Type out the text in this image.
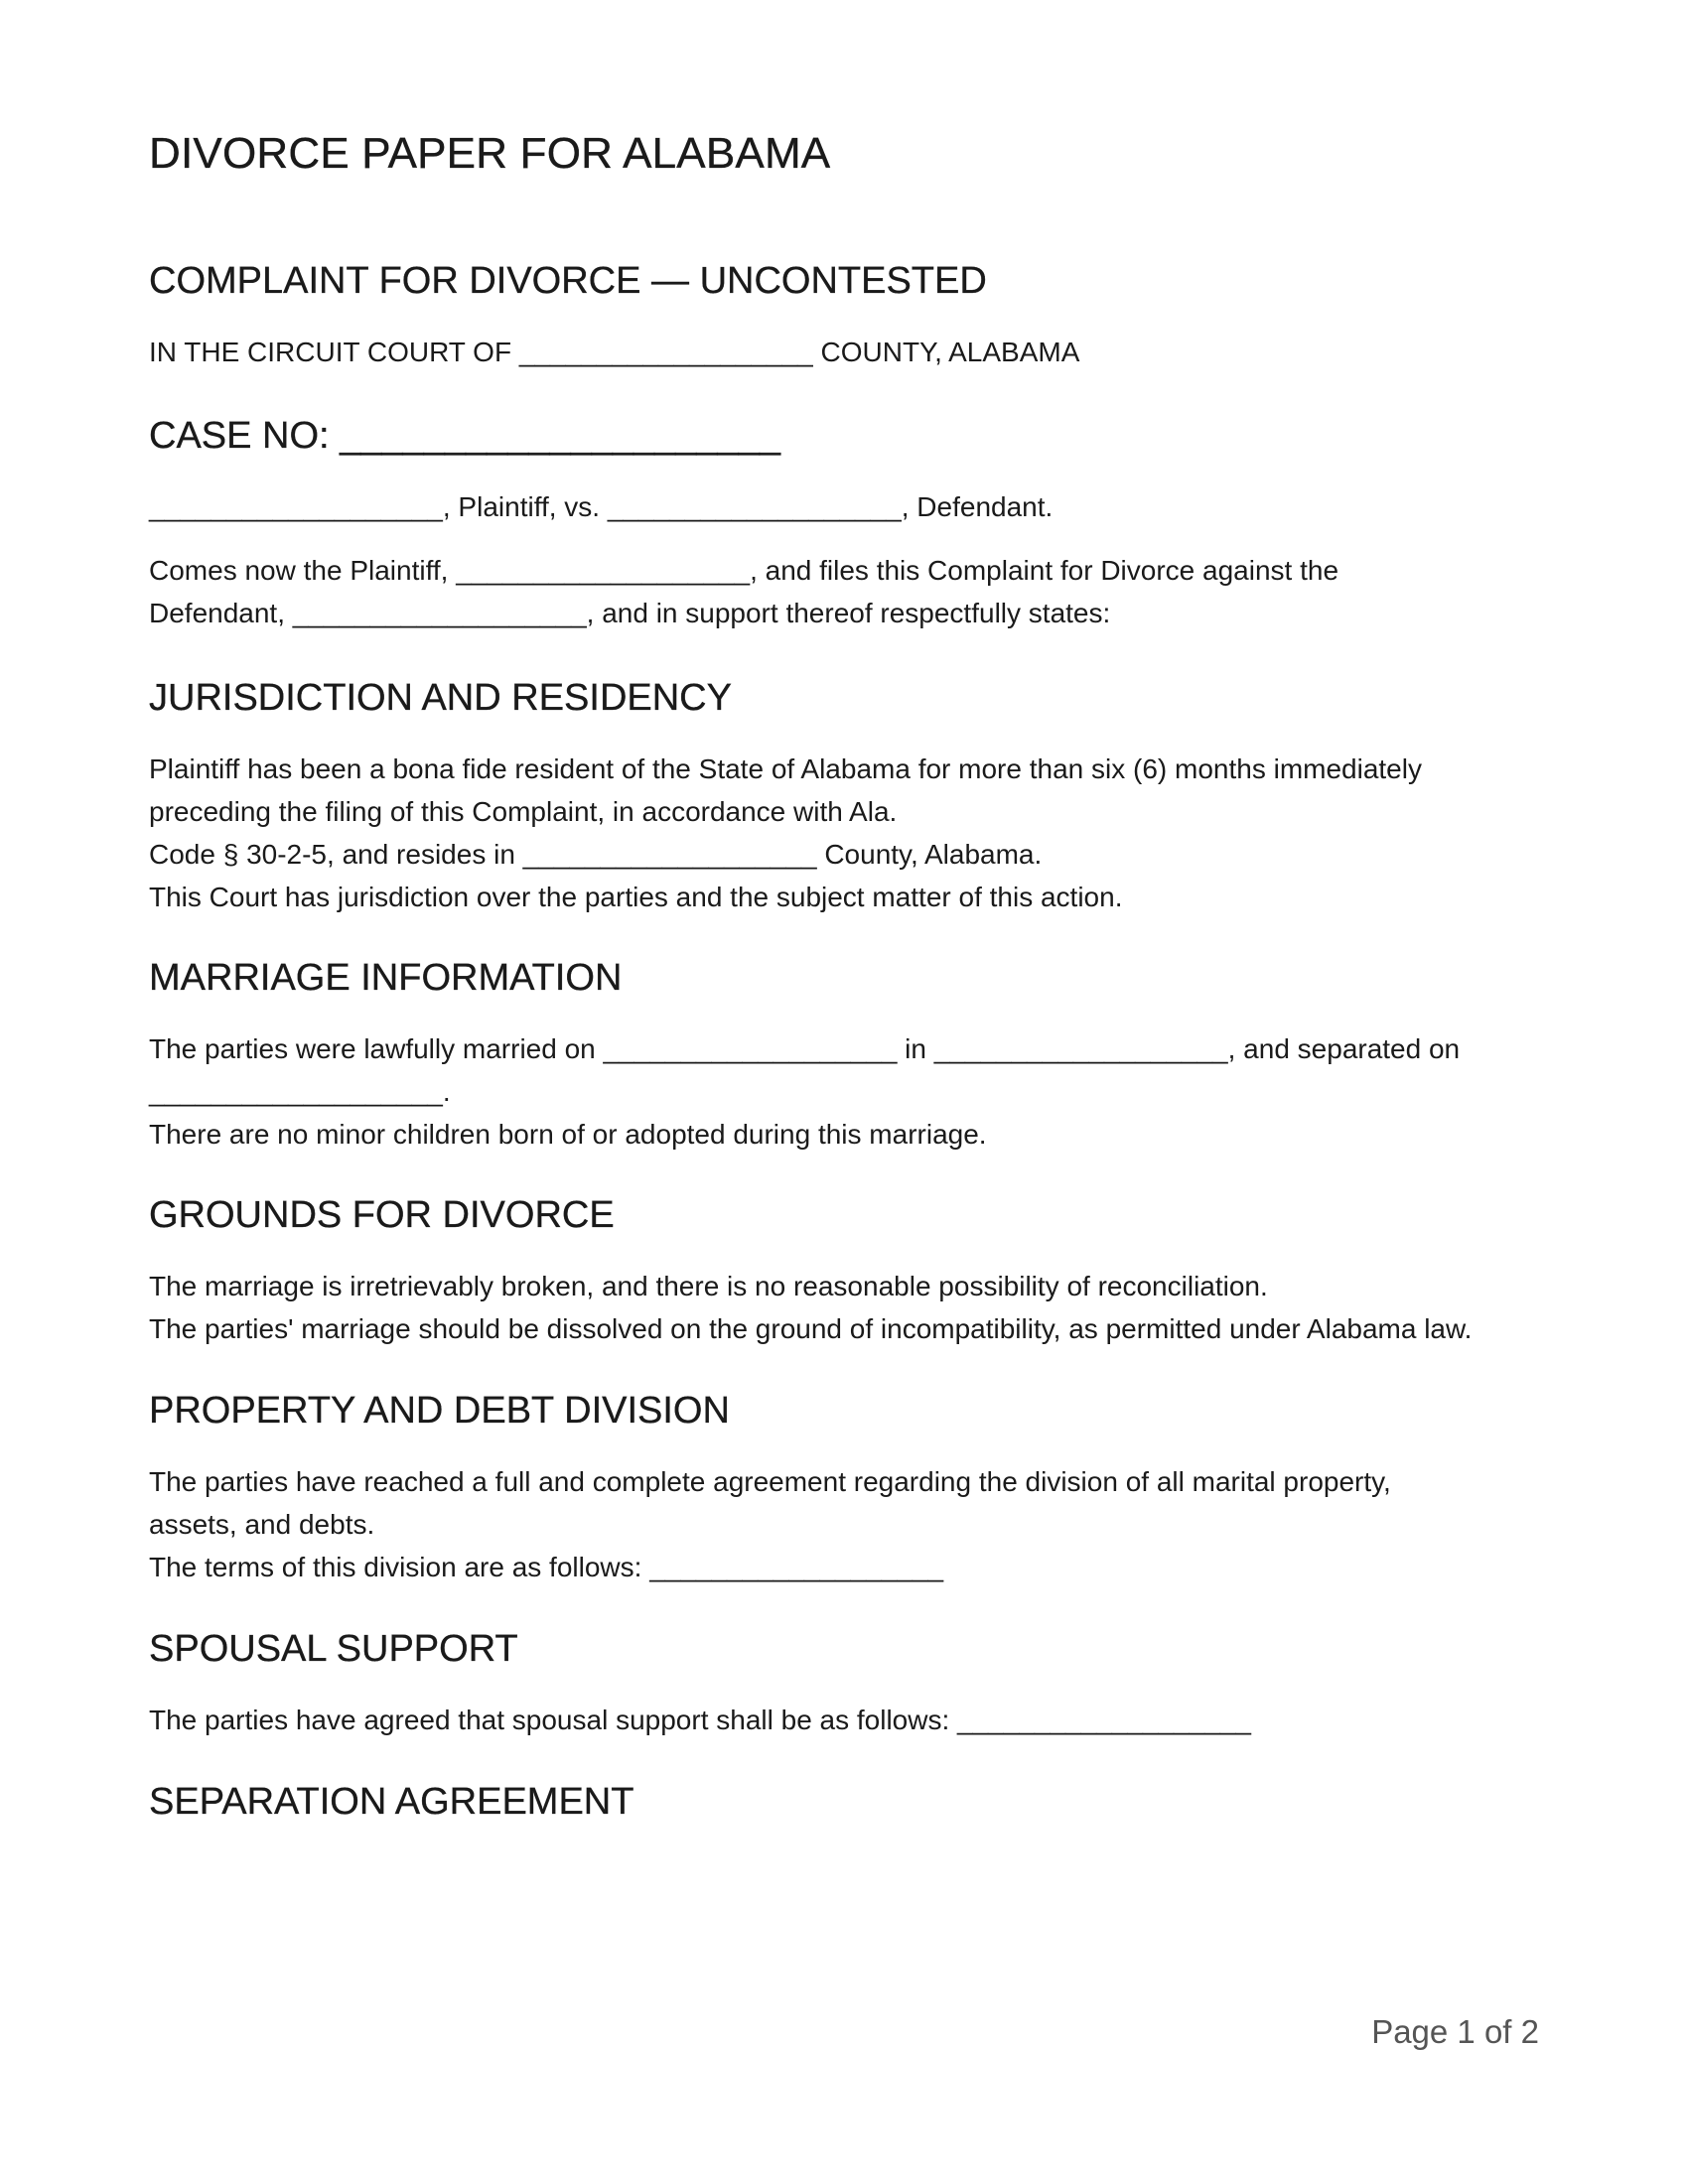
DIVORCE PAPER FOR ALABAMA
COMPLAINT FOR DIVORCE — UNCONTESTED

IN THE CIRCUIT COURT OF ___________________ COUNTY, ALABAMA

CASE NO: _____________________

___________________, Plaintiff, vs. ___________________, Defendant.

Comes now the Plaintiff, ___________________, and files this Complaint for Divorce against the

Defendant, ___________________, and in support thereof respectfully states:

JURISDICTION AND RESIDENCY

Plaintiff has been a bona fide resident of the State of Alabama for more than six (6) months immediately

preceding the filing of this Complaint, in accordance with Ala.

Code § 30-2-5, and resides in ___________________ County, Alabama.

This Court has jurisdiction over the parties and the subject matter of this action.

MARRIAGE INFORMATION

The parties were lawfully married on ___________________ in ___________________, and separated on

___________________.

There are no minor children born of or adopted during this marriage.

GROUNDS FOR DIVORCE

The marriage is irretrievably broken, and there is no reasonable possibility of reconciliation.

The parties' marriage should be dissolved on the ground of incompatibility, as permitted under Alabama law.

PROPERTY AND DEBT DIVISION

The parties have reached a full and complete agreement regarding the division of all marital property,

assets, and debts.

The terms of this division are as follows: ___________________

SPOUSAL SUPPORT

The parties have agreed that spousal support shall be as follows: ___________________

SEPARATION AGREEMENT
Page 1 of 2
